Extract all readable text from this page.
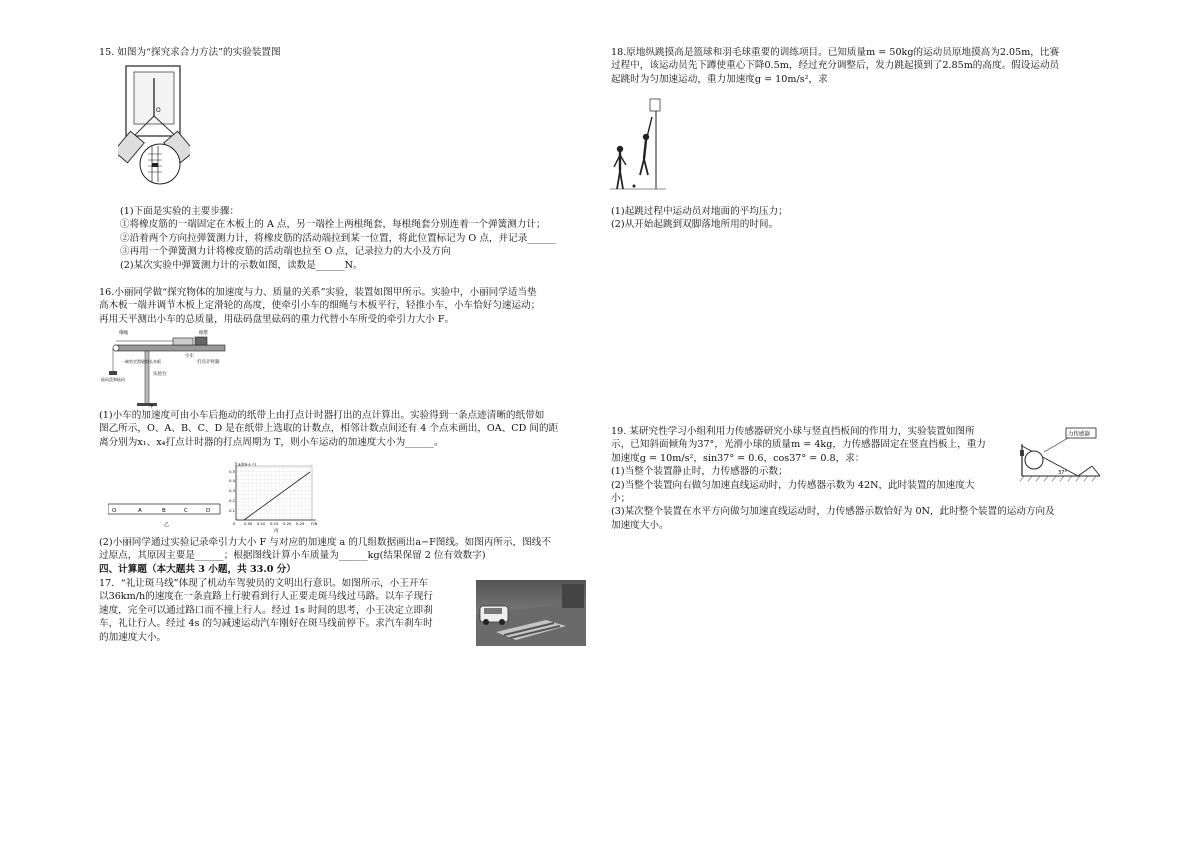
15. 如图为“探究求合力方法”的实验装置图

O

(1)下面是实验的主要步骤：

①将橡皮筋的一端固定在木板上的 A 点，另一端拴上两根绳套，每根绳套分别连着一个弹簧测力计；

②沿着两个方向拉弹簧测力计，将橡皮筋的活动端拉到某一位置，将此位置标记为 O 点，并记录______

③再用一个弹簧测力计将橡皮筋的活动端也拉至 O 点，记录拉力的大小及方向

(2)某次实验中弹簧测力计的示数如图，读数是______N。

16.小丽同学做“探究物体的加速度与力、质量的关系”实验，装置如图甲所示。实验中，小丽同学适当垫

高木板一端并调节木板上定滑轮的高度，使牵引小车的细绳与木板平行，轻推小车，小车恰好匀速运动；

再用天平测出小车的总质量，用砝码盘里砝码的重力代替小车所受的牵引力大小 F。

细绳	纸带
小车
打点计时器
一端有定滑轮的长木板
实验台
砝码盘和砝码
甲

(1)小车的加速度可由小车后拖动的纸带上由打点计时器打出的点计算出。实验得到一条点迹清晰的纸带如

图乙所示，O、A、B、C、D 是在纸带上选取的计数点，相邻计数点间还有 4 个点未画出，OA、CD 间的距

离分别为x₁、x₄打点计时器的打点周期为 T，则小车运动的加速度大小为______。

O	A	B	C	D
乙
a/(m·s⁻²)
0.5
0.4
0.3
0.2
0.1
0 0.05 0.10 0.15 0.20 0.25 F/N
丙

(2)小丽同学通过实验记录牵引力大小 F 与对应的加速度 a 的几组数据画出a−F图线。如图丙所示，图线不

过原点，其原因主要是______；根据图线计算小车质量为______kg(结果保留 2 位有效数字)

四、计算题（本大题共 3 小题，共 33.0 分）

17．“礼让斑马线”体现了机动车驾驶员的文明出行意识。如图所示，小王开车

以36km/h的速度在一条直路上行驶看到行人正要走斑马线过马路。以车子现行

速度，完全可以通过路口而不撞上行人。经过 1s 时间的思考，小王决定立即刹

车，礼让行人。经过 4s 的匀减速运动汽车刚好在斑马线前停下。求汽车刹车时

的加速度大小。

18.原地纵跳摸高是篮球和羽毛球重要的训练项目。已知质量m = 50kg的运动员原地摸高为2.05m，比赛

过程中，该运动员先下蹲使重心下降0.5m，经过充分调整后，发力跳起摸到了2.85m的高度。假设运动员

起跳时为匀加速运动，重力加速度g = 10m/s²，求

(1)起跳过程中运动员对地面的平均压力；

(2)从开始起跳到双脚落地所用的时间。

19. 某研究性学习小组利用力传感器研究小球与竖直挡板间的作用力，实验装置如图所

示，已知斜面倾角为37°，光滑小球的质量m = 4kg，力传感器固定在竖直挡板上，重力

加速度g = 10m/s²，sin37° = 0.6，cos37° = 0.8，求：

(1)当整个装置静止时，力传感器的示数；

(2)当整个装置向右做匀加速直线运动时，力传感器示数为 42N，此时装置的加速度大

小；

(3)某次整个装置在水平方向做匀加速直线运动时，力传感器示数恰好为 0N，此时整个装置的运动方向及

加速度大小。

力传感器
37°
